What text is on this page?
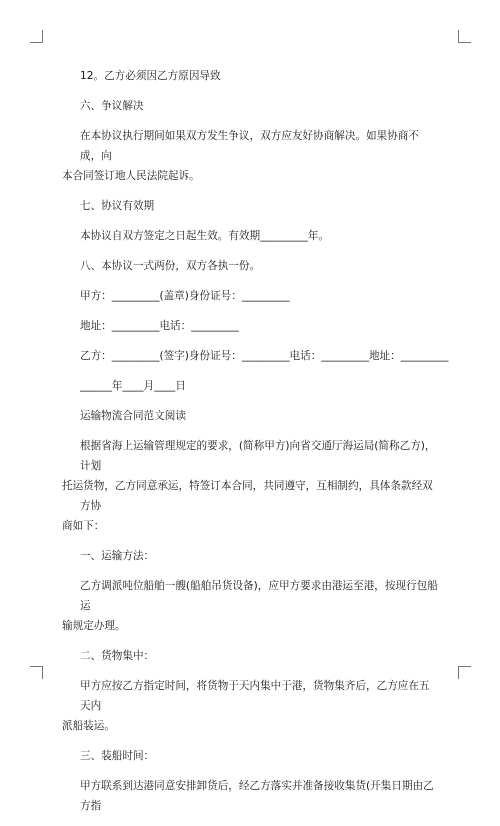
12。乙方必须因乙方原因导致

六、争议解决

在本协议执行期间如果双方发生争议，双方应友好协商解决。如果协商不成，向
本合同签订地人民法院起诉。

七、协议有效期

本协议自双方签定之日起生效。有效期_________年。

八、本协议一式两份，双方各执一份。

甲方：_________(盖章)身份证号：_________

地址：_________电话：_________

乙方：_________(签字)身份证号：_________电话：_________地址：_________

______年____月____日

运输物流合同范文阅读

根据省海上运输管理规定的要求，(简称甲方)向省交通厅海运局(简称乙方)，计划
托运货物，乙方同意承运，特签订本合同，共同遵守，互相制约，具体条款经双方协
商如下：

一、运输方法：

乙方调派吨位船舶一艘(船舶吊货设备)，应甲方要求由港运至港，按现行包船运
输规定办理。

二、货物集中：

甲方应按乙方指定时间，将货物于天内集中于港，货物集齐后，乙方应在五天内
派船装运。

三、装船时间：

甲方联系到达港同意安排卸货后，经乙方落实并准备接收集货(开集日期由乙方指
